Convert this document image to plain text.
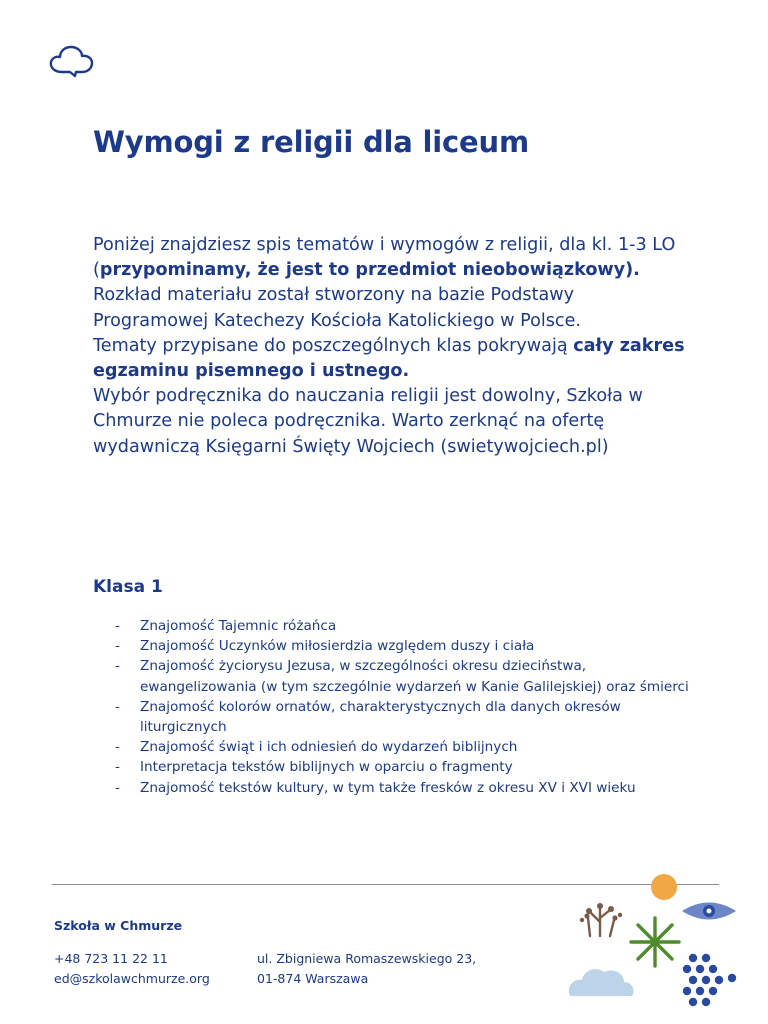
Wymogi z religii dla liceum
Poniżej znajdziesz spis tematów i wymogów z religii, dla kl. 1-3 LO (przypominamy, że jest to przedmiot nieobowiązkowy).
Rozkład materiału został stworzony na bazie Podstawy Programowej Katechezy Kościoła Katolickiego w Polsce.
Tematy przypisane do poszczególnych klas pokrywają cały zakres egzaminu pisemnego i ustnego.
Wybór podręcznika do nauczania religii jest dowolny, Szkoła w Chmurze nie poleca podręcznika. Warto zerknąć na ofertę wydawniczą Księgarni Święty Wojciech (swietywojciech.pl)
Klasa 1
- Znajomość Tajemnic różańca
- Znajomość Uczynków miłosierdzia względem duszy i ciała
- Znajomość życiorysu Jezusa, w szczególności okresu dzieciństwa, ewangelizowania (w tym szczególnie wydarzeń w Kanie Galilejskiej) oraz śmierci
- Znajomość kolorów ornatów, charakterystycznych dla danych okresów liturgicznych
- Znajomość świąt i ich odniesień do wydarzeń biblijnych
- Interpretacja tekstów biblijnych w oparciu o fragmenty
- Znajomość tekstów kultury, w tym także fresków z okresu XV i XVI wieku

Szkoła w Chmurze

+48 723 11 22 11
ed@szkolawchmurze.org
ul. Zbigniewa Romaszewskiego 23,
01-874 Warszawa
